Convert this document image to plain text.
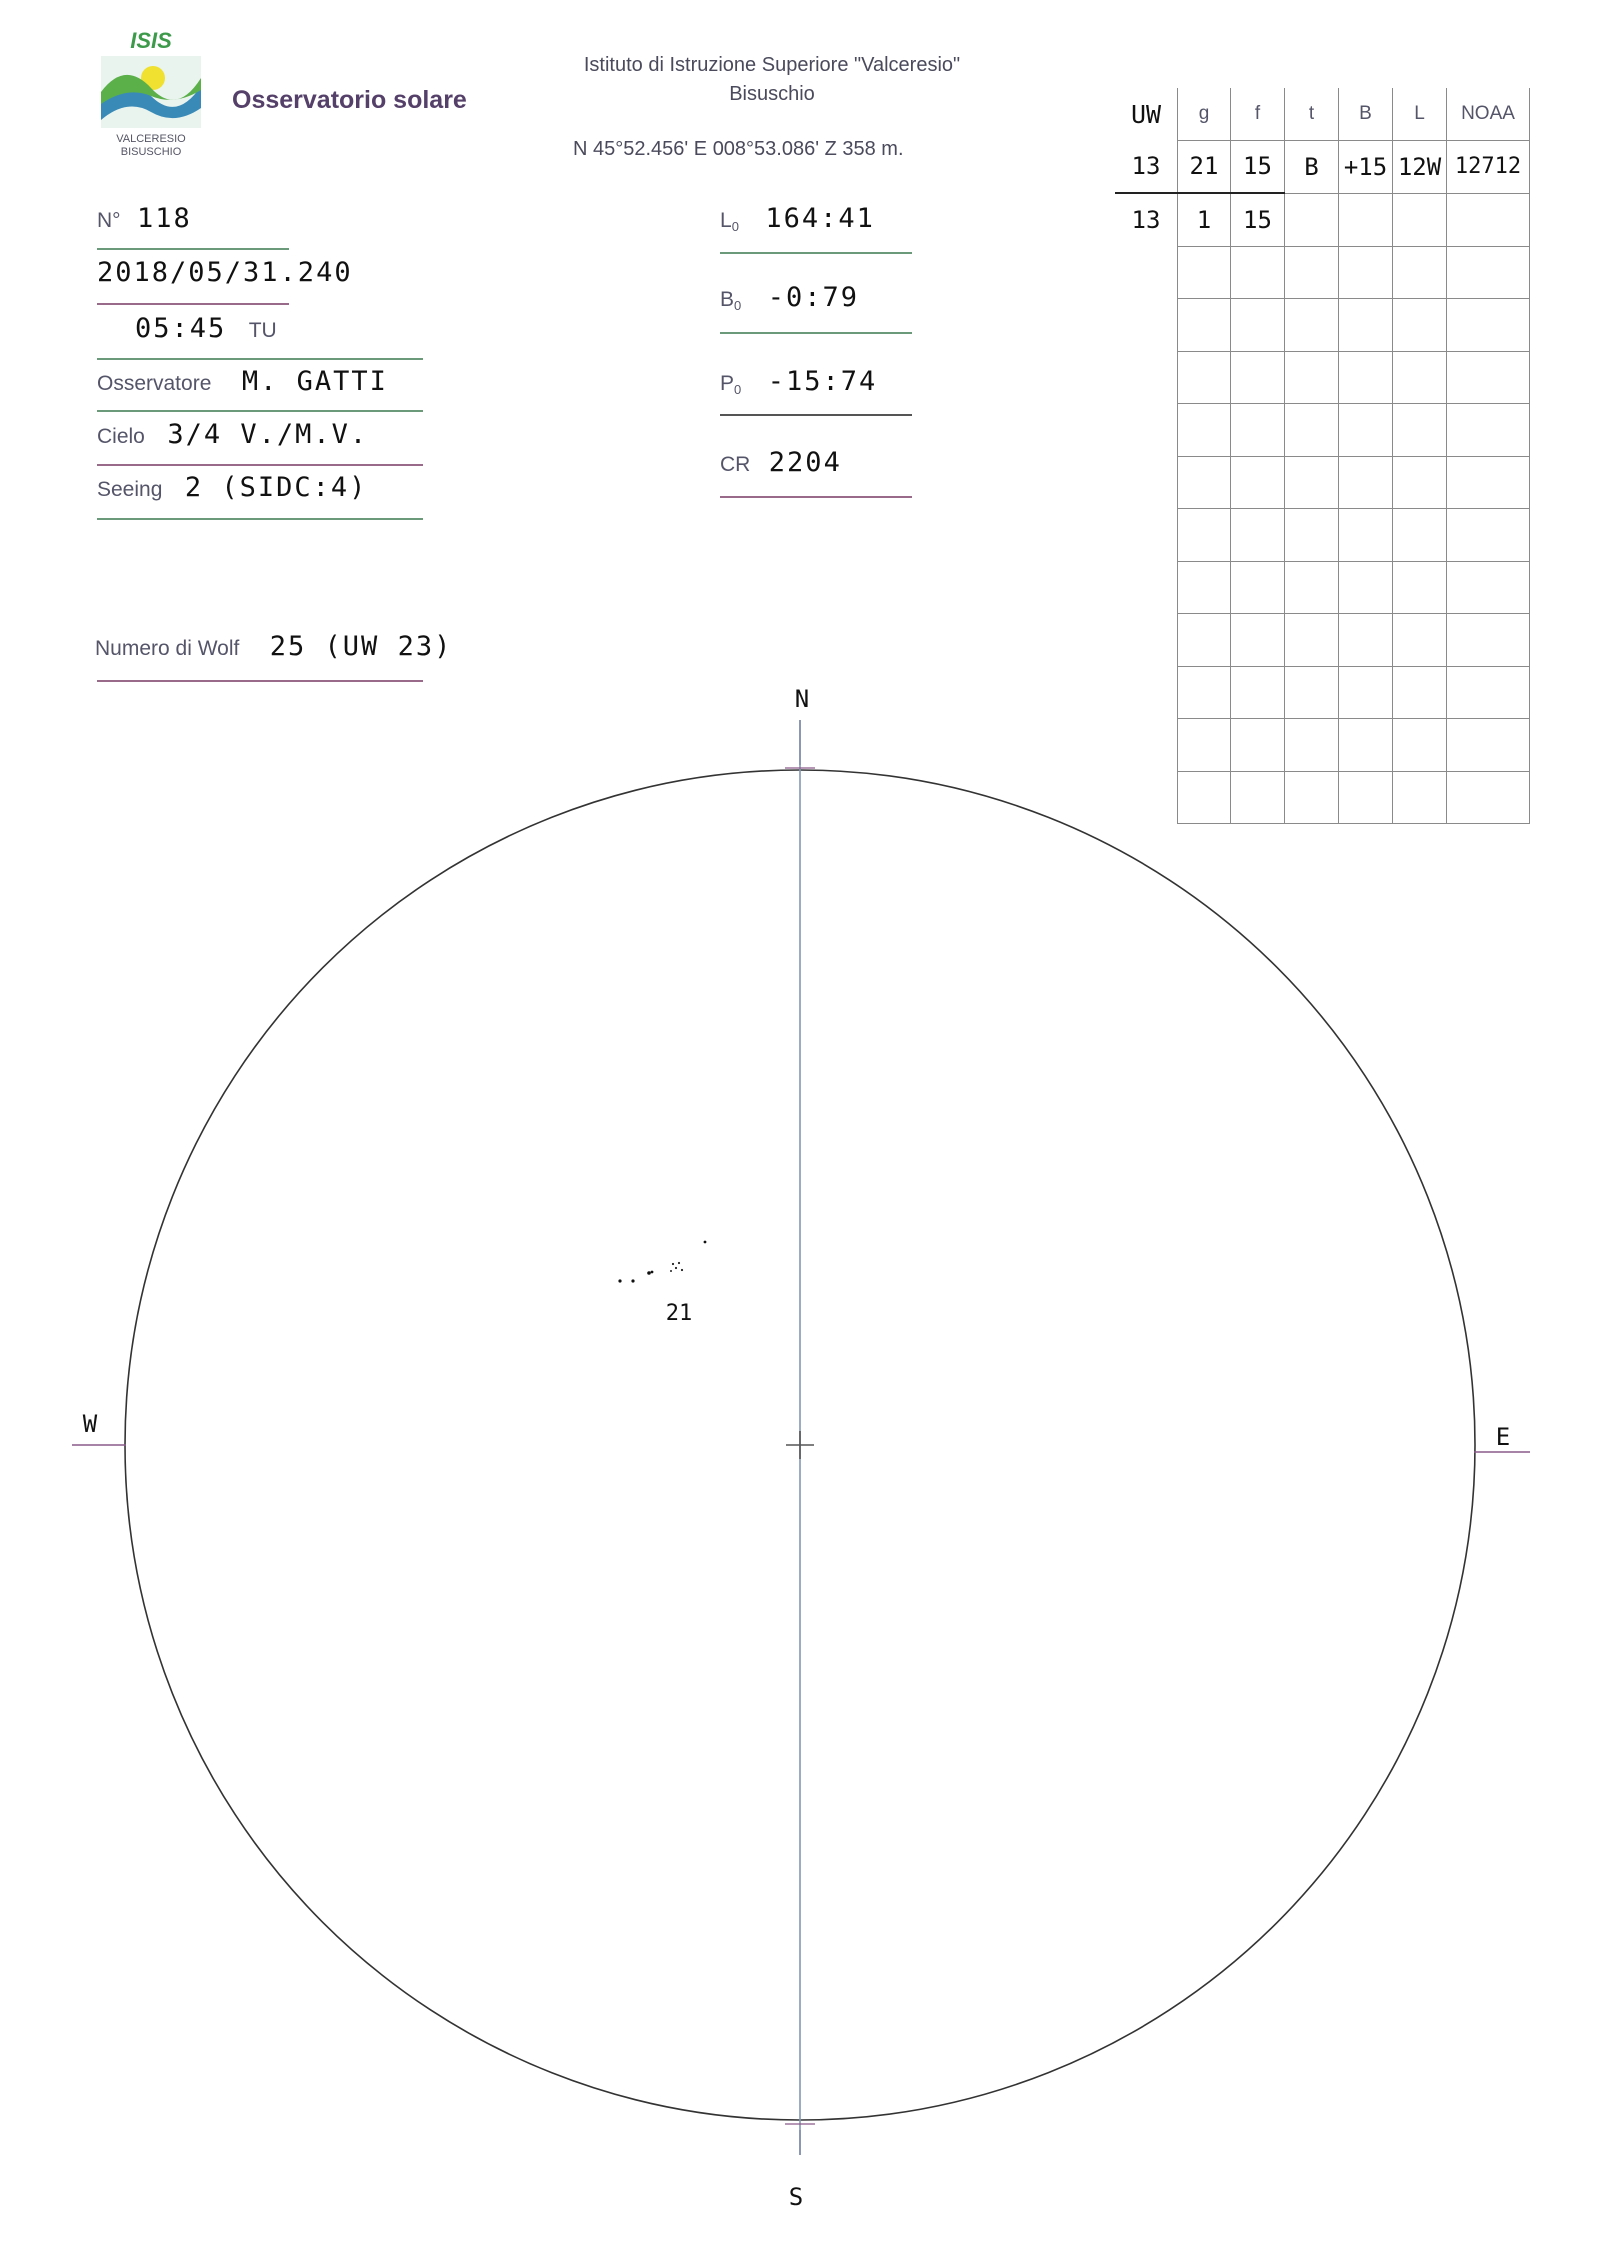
ISIS
VALCERESIO
BISUSCHIO
Osservatorio solare
Istituto di Istruzione Superiore "Valceresio"
Bisuschio
N 45°52.456' E 008°53.086' Z 358 m.
N° 118
2018/05/31.240
05:45 TU
Osservatore M. GATTI
Cielo 3/4 V./M.V.
Seeing 2 (SIDC:4)
Numero di Wolf 25 (UW 23)
$L_0$ 164:41
$B_0$ -0:79
$P_0$ -15:74
CR 2204
UW	g	f	t	B	L	NOAA
13	21	15	B	+15	12W	12712
13	1	15				

N
S
W	E
21
